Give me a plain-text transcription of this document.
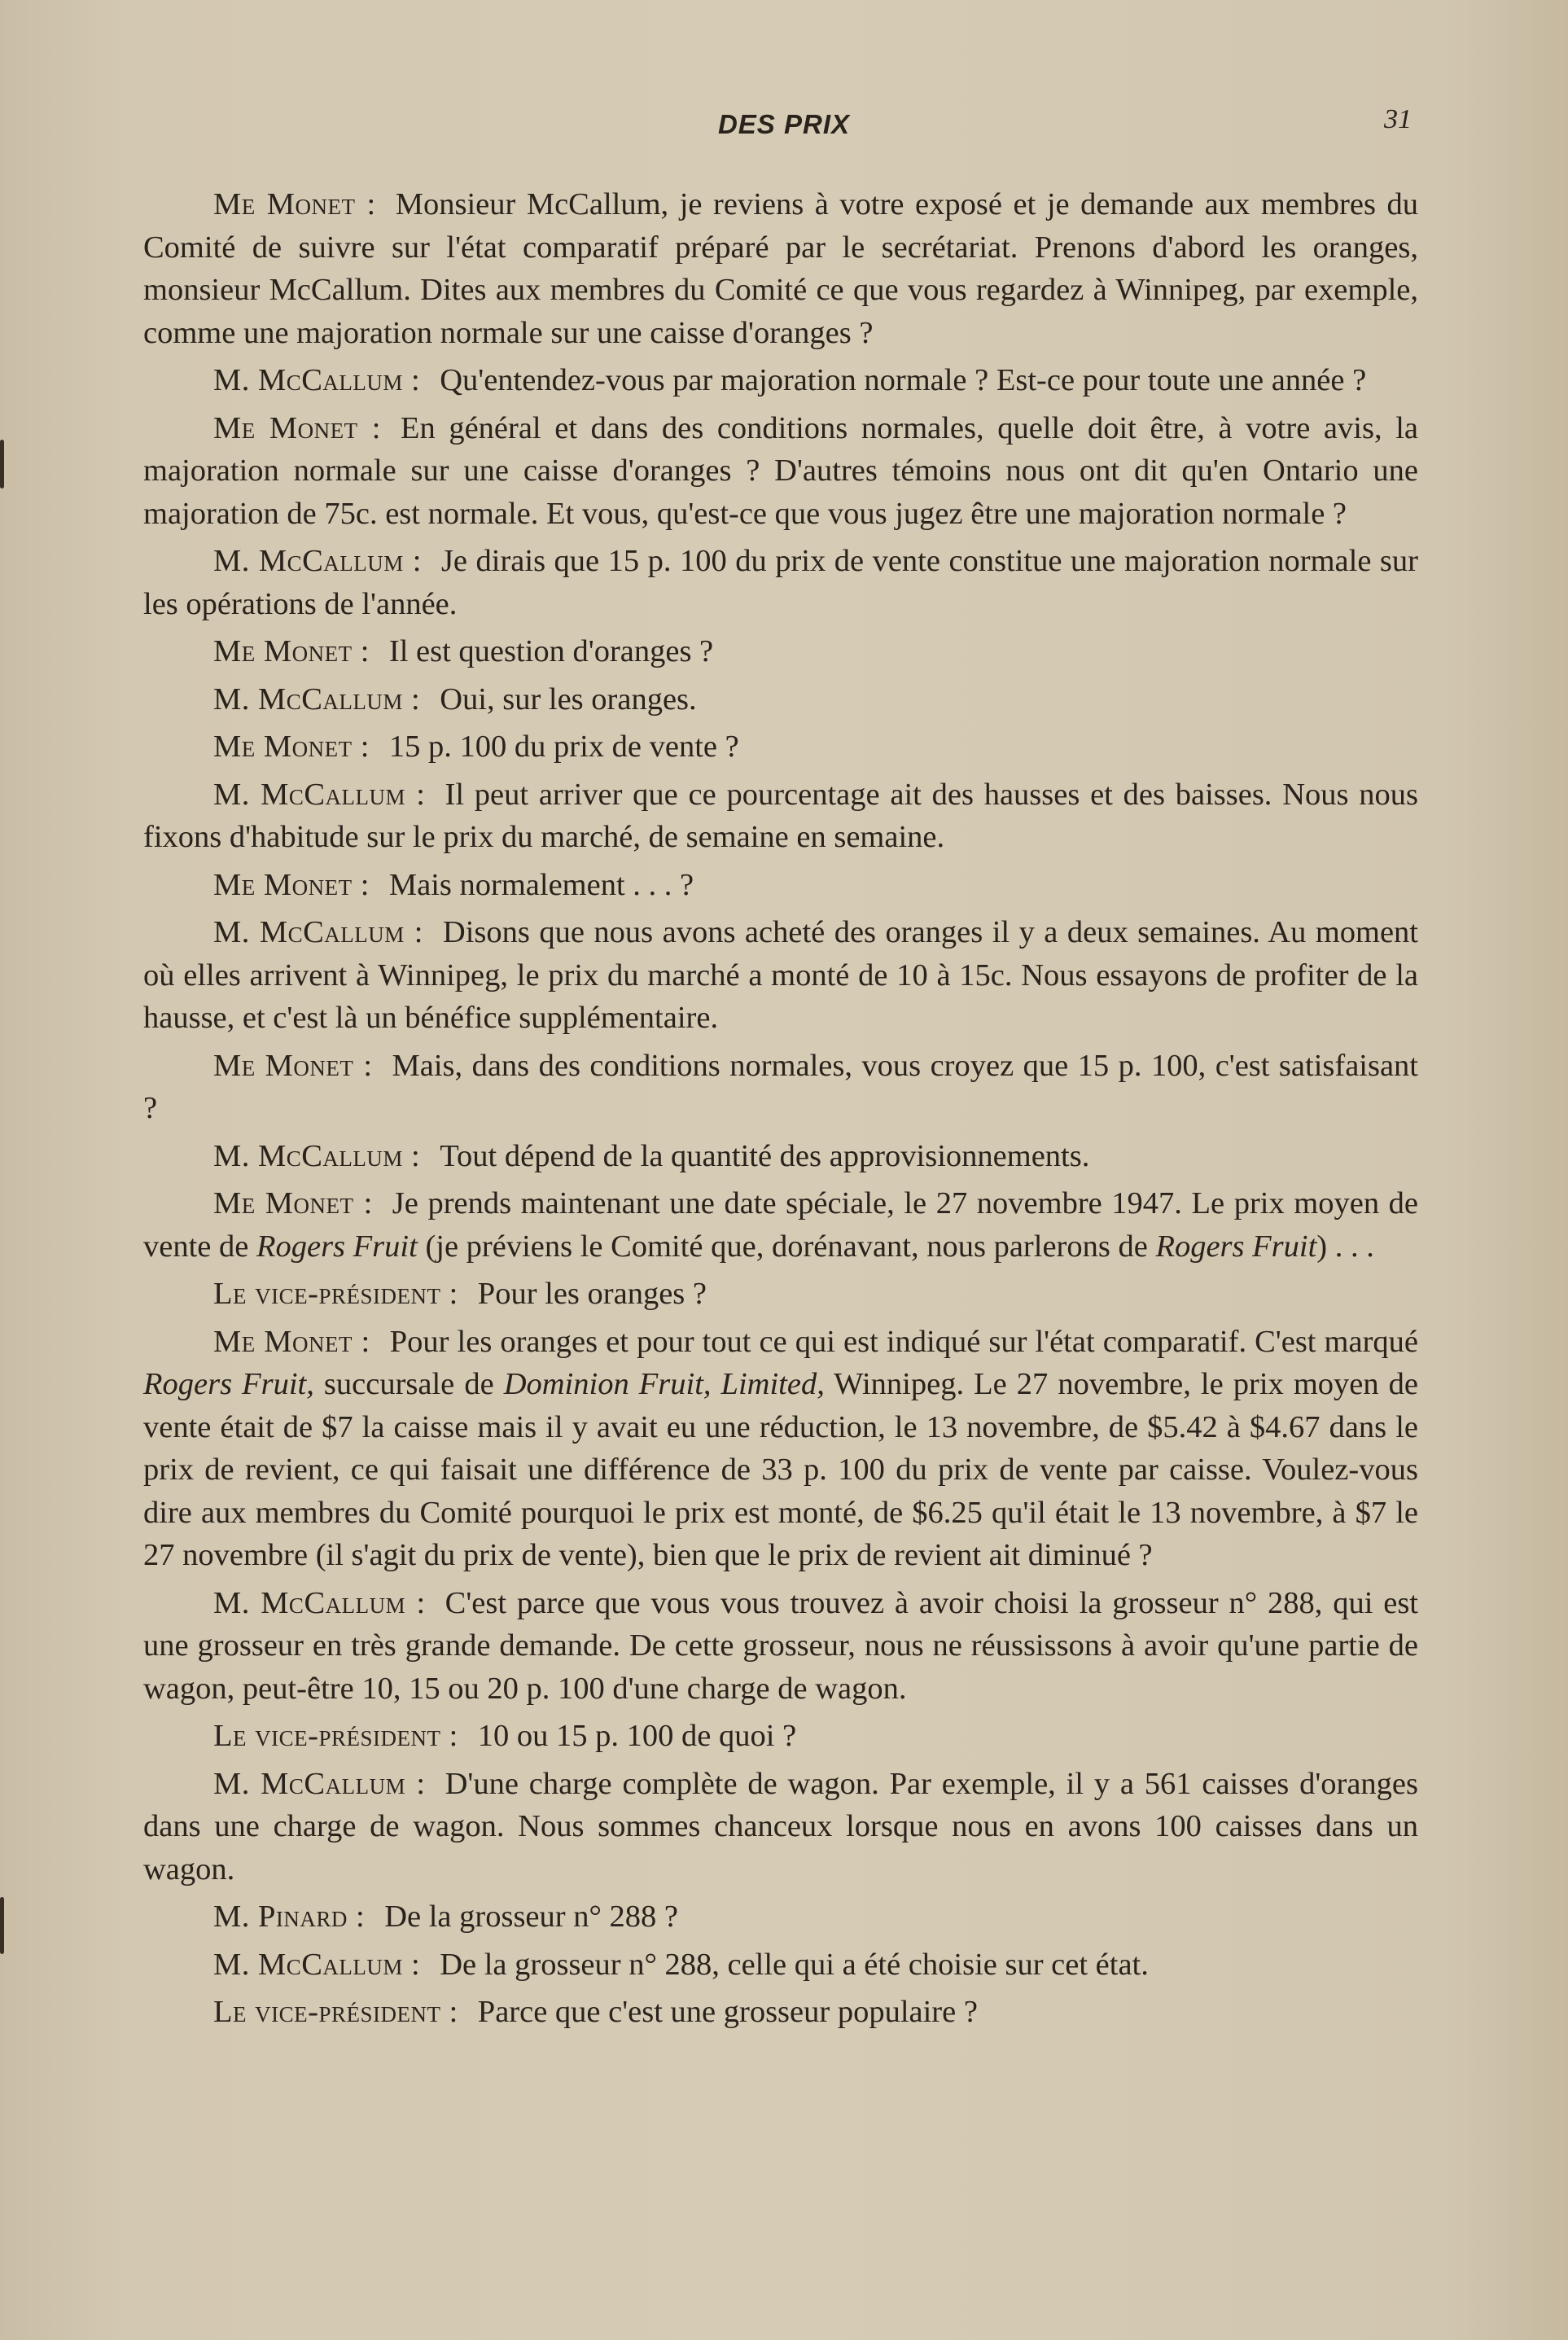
DES PRIX	31

Me Monet : Monsieur McCallum, je reviens à votre exposé et je demande aux membres du Comité de suivre sur l'état comparatif préparé par le secrétariat. Prenons d'abord les oranges, monsieur McCallum. Dites aux membres du Comité ce que vous regardez à Winnipeg, par exemple, comme une majoration normale sur une caisse d'oranges ?

M. McCallum : Qu'entendez-vous par majoration normale ? Est-ce pour toute une année ?

Me Monet : En général et dans des conditions normales, quelle doit être, à votre avis, la majoration normale sur une caisse d'oranges ? D'autres témoins nous ont dit qu'en Ontario une majoration de 75c. est normale. Et vous, qu'est-ce que vous jugez être une majoration normale ?

M. McCallum : Je dirais que 15 p. 100 du prix de vente constitue une majoration normale sur les opérations de l'année.

Me Monet : Il est question d'oranges ?

M. McCallum : Oui, sur les oranges.

Me Monet : 15 p. 100 du prix de vente ?

M. McCallum : Il peut arriver que ce pourcentage ait des hausses et des baisses. Nous nous fixons d'habitude sur le prix du marché, de semaine en semaine.

Me Monet : Mais normalement . . . ?

M. McCallum : Disons que nous avons acheté des oranges il y a deux semaines. Au moment où elles arrivent à Winnipeg, le prix du marché a monté de 10 à 15c. Nous essayons de profiter de la hausse, et c'est là un bénéfice supplémentaire.

Me Monet : Mais, dans des conditions normales, vous croyez que 15 p. 100, c'est satisfaisant ?

M. McCallum : Tout dépend de la quantité des approvisionnements.

Me Monet : Je prends maintenant une date spéciale, le 27 novembre 1947. Le prix moyen de vente de Rogers Fruit (je préviens le Comité que, dorénavant, nous parlerons de Rogers Fruit) . . .

Le vice-président : Pour les oranges ?

Me Monet : Pour les oranges et pour tout ce qui est indiqué sur l'état comparatif. C'est marqué Rogers Fruit, succursale de Dominion Fruit, Limited, Winnipeg. Le 27 novembre, le prix moyen de vente était de $7 la caisse mais il y avait eu une réduction, le 13 novembre, de $5.42 à $4.67 dans le prix de revient, ce qui faisait une différence de 33 p. 100 du prix de vente par caisse. Voulez-vous dire aux membres du Comité pourquoi le prix est monté, de $6.25 qu'il était le 13 novembre, à $7 le 27 novembre (il s'agit du prix de vente), bien que le prix de revient ait diminué ?

M. McCallum : C'est parce que vous vous trouvez à avoir choisi la grosseur n° 288, qui est une grosseur en très grande demande. De cette grosseur, nous ne réussissons à avoir qu'une partie de wagon, peut-être 10, 15 ou 20 p. 100 d'une charge de wagon.

Le vice-président : 10 ou 15 p. 100 de quoi ?

M. McCallum : D'une charge complète de wagon. Par exemple, il y a 561 caisses d'oranges dans une charge de wagon. Nous sommes chanceux lorsque nous en avons 100 caisses dans un wagon.

M. Pinard : De la grosseur n° 288 ?

M. McCallum : De la grosseur n° 288, celle qui a été choisie sur cet état.

Le vice-président : Parce que c'est une grosseur populaire ?
